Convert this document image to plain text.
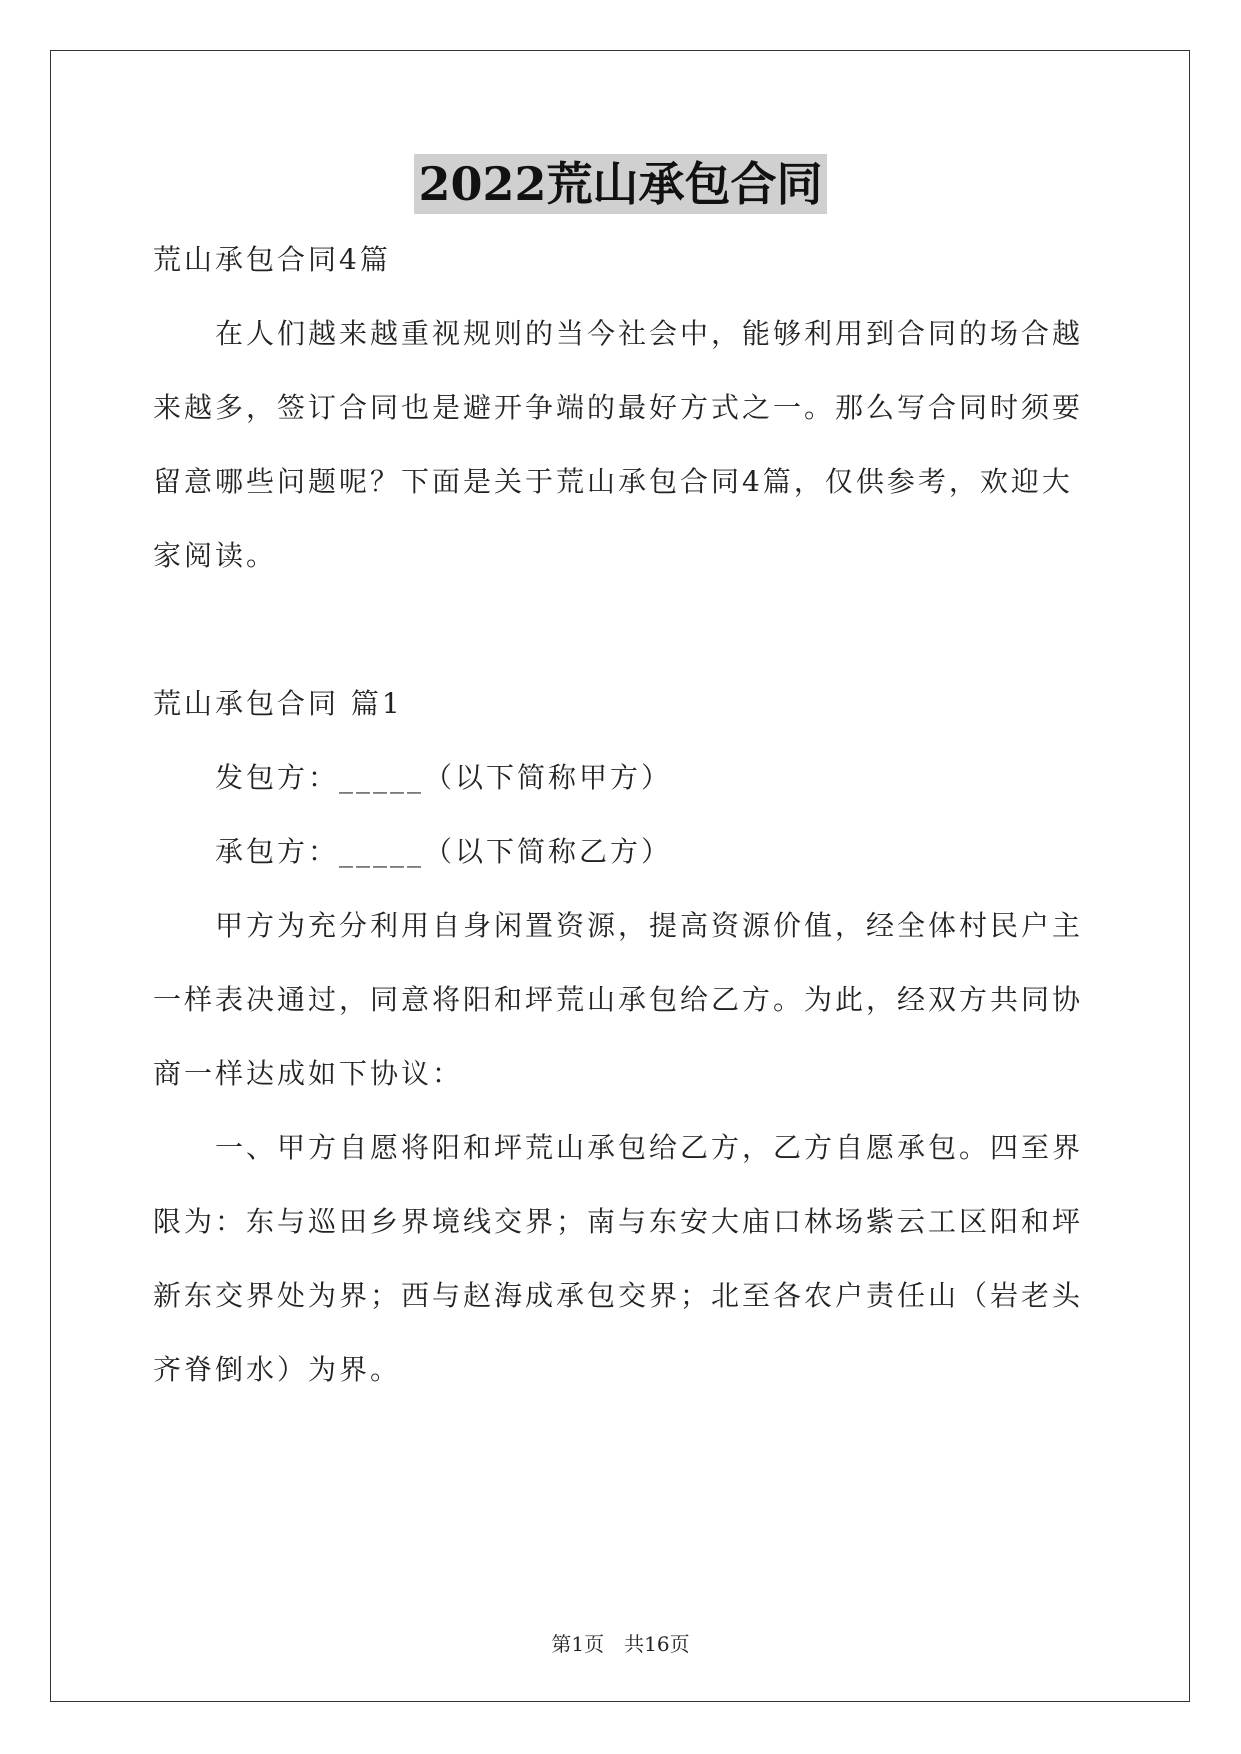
2022荒山承包合同
荒山承包合同4篇
在人们越来越重视规则的当今社会中，能够利用到合同的场合越
来越多，签订合同也是避开争端的最好方式之一。那么写合同时须要
留意哪些问题呢？下面是关于荒山承包合同4篇，仅供参考，欢迎大
家阅读。
荒山承包合同 篇1
发包方：_____（以下简称甲方）
承包方：_____（以下简称乙方）
甲方为充分利用自身闲置资源，提高资源价值，经全体村民户主
一样表决通过，同意将阳和坪荒山承包给乙方。为此，经双方共同协
商一样达成如下协议：
一、甲方自愿将阳和坪荒山承包给乙方，乙方自愿承包。四至界
限为：东与巡田乡界境线交界；南与东安大庙口林场紫云工区阳和坪
新东交界处为界；西与赵海成承包交界；北至各农户责任山（岩老头
齐脊倒水）为界。
第1页　共16页
